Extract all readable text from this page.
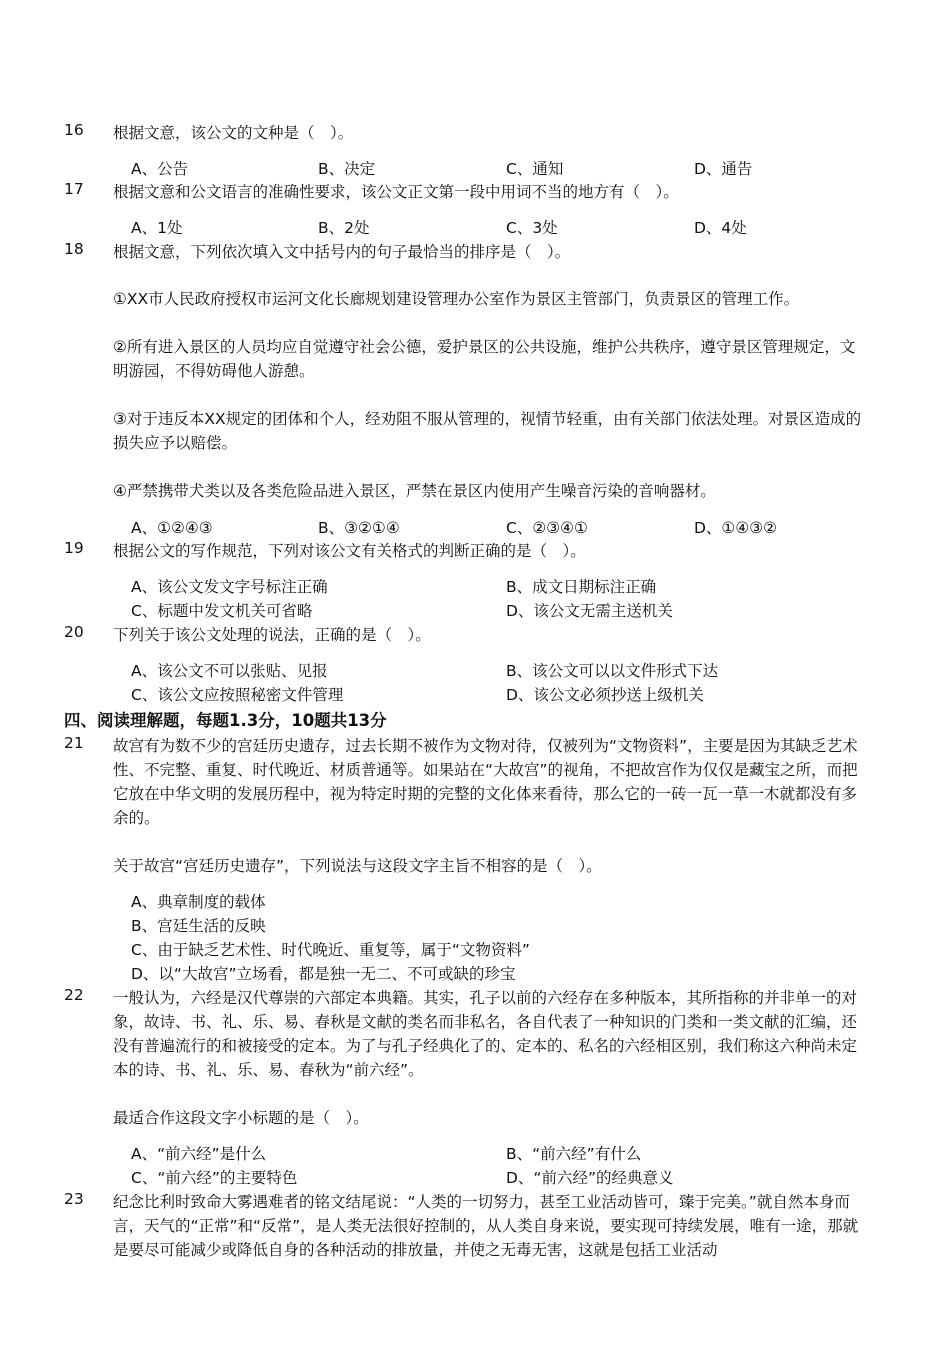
16 根据文意，该公文的文种是（　）。
A、公告	B、决定	C、通知	D、通告
17 根据文意和公文语言的准确性要求，该公文正文第一段中用词不当的地方有（　）。
A、1处	B、2处	C、3处	D、4处
18 根据文意，下列依次填入文中括号内的句子最恰当的排序是（　）。
①XX市人民政府授权市运河文化长廊规划建设管理办公室作为景区主管部门，负责景区的管理工作。
②所有进入景区的人员均应自觉遵守社会公德，爱护景区的公共设施，维护公共秩序，遵守景区管理规定，文明游园，不得妨碍他人游憩。
③对于违反本XX规定的团体和个人，经劝阻不服从管理的，视情节轻重，由有关部门依法处理。对景区造成的损失应予以赔偿。
④严禁携带犬类以及各类危险品进入景区，严禁在景区内使用产生噪音污染的音响器材。
A、①②④③	B、③②①④	C、②③④①	D、①④③②
19 根据公文的写作规范，下列对该公文有关格式的判断正确的是（　）。
A、该公文发文字号标注正确	B、成文日期标注正确
C、标题中发文机关可省略	D、该公文无需主送机关
20 下列关于该公文处理的说法，正确的是（　）。
A、该公文不可以张贴、见报	B、该公文可以以文件形式下达
C、该公文应按照秘密文件管理	D、该公文必须抄送上级机关
四、阅读理解题，每题1.3分，10题共13分
21 故宫有为数不少的宫廷历史遗存，过去长期不被作为文物对待，仅被列为“文物资料”，主要是因为其缺乏艺术性、不完整、重复、时代晚近、材质普通等。如果站在“大故宫”的视角，不把故宫作为仅仅是藏宝之所，而把它放在中华文明的发展历程中，视为特定时期的完整的文化体来看待，那么它的一砖一瓦一草一木就都没有多余的。
关于故宫“宫廷历史遗存”，下列说法与这段文字主旨不相容的是（　）。
A、典章制度的载体
B、宫廷生活的反映
C、由于缺乏艺术性、时代晚近、重复等，属于“文物资料”
D、以“大故宫”立场看，都是独一无二、不可或缺的珍宝
22 一般认为，六经是汉代尊崇的六部定本典籍。其实，孔子以前的六经存在多种版本，其所指称的并非单一的对象，故诗、书、礼、乐、易、春秋是文献的类名而非私名，各自代表了一种知识的门类和一类文献的汇编，还没有普遍流行的和被接受的定本。为了与孔子经典化了的、定本的、私名的六经相区别，我们称这六种尚未定本的诗、书、礼、乐、易、春秋为“前六经”。
最适合作这段文字小标题的是（　）。
A、“前六经”是什么	B、“前六经”有什么
C、“前六经”的主要特色	D、“前六经”的经典意义
23 纪念比利时致命大雾遇难者的铭文结尾说：“人类的一切努力，甚至工业活动皆可，臻于完美。”就自然本身而言，天气的“正常”和“反常”，是人类无法很好控制的，从人类自身来说，要实现可持续发展，唯有一途，那就是要尽可能减少或降低自身的各种活动的排放量，并使之无毒无害，这就是包括工业活动
